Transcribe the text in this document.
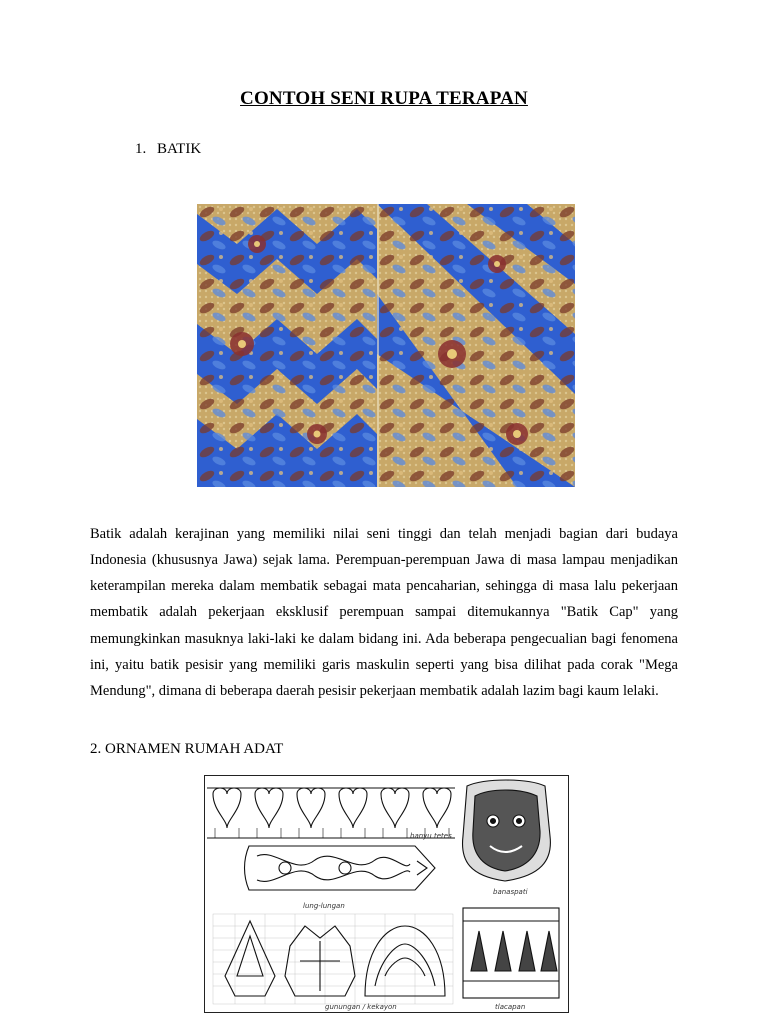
CONTOH SENI RUPA TERAPAN
1. BATIK

Batik adalah kerajinan yang memiliki nilai seni tinggi dan telah menjadi bagian dari budaya Indonesia (khususnya Jawa) sejak lama. Perempuan-perempuan Jawa di masa lampau menjadikan keterampilan mereka dalam membatik sebagai mata pencaharian, sehingga di masa lalu pekerjaan membatik adalah pekerjaan eksklusif perempuan sampai ditemukannya "Batik Cap" yang memungkinkan masuknya laki-laki ke dalam bidang ini. Ada beberapa pengecualian bagi fenomena ini, yaitu batik pesisir yang memiliki garis maskulin seperti yang bisa dilihat pada corak "Mega Mendung", dimana di beberapa daerah pesisir pekerjaan membatik adalah lazim bagi kaum lelaki.

2. ORNAMEN RUMAH ADAT
banyu tetes
banaspati
lung-lungan
gunungan / kekayon	tlacapan
